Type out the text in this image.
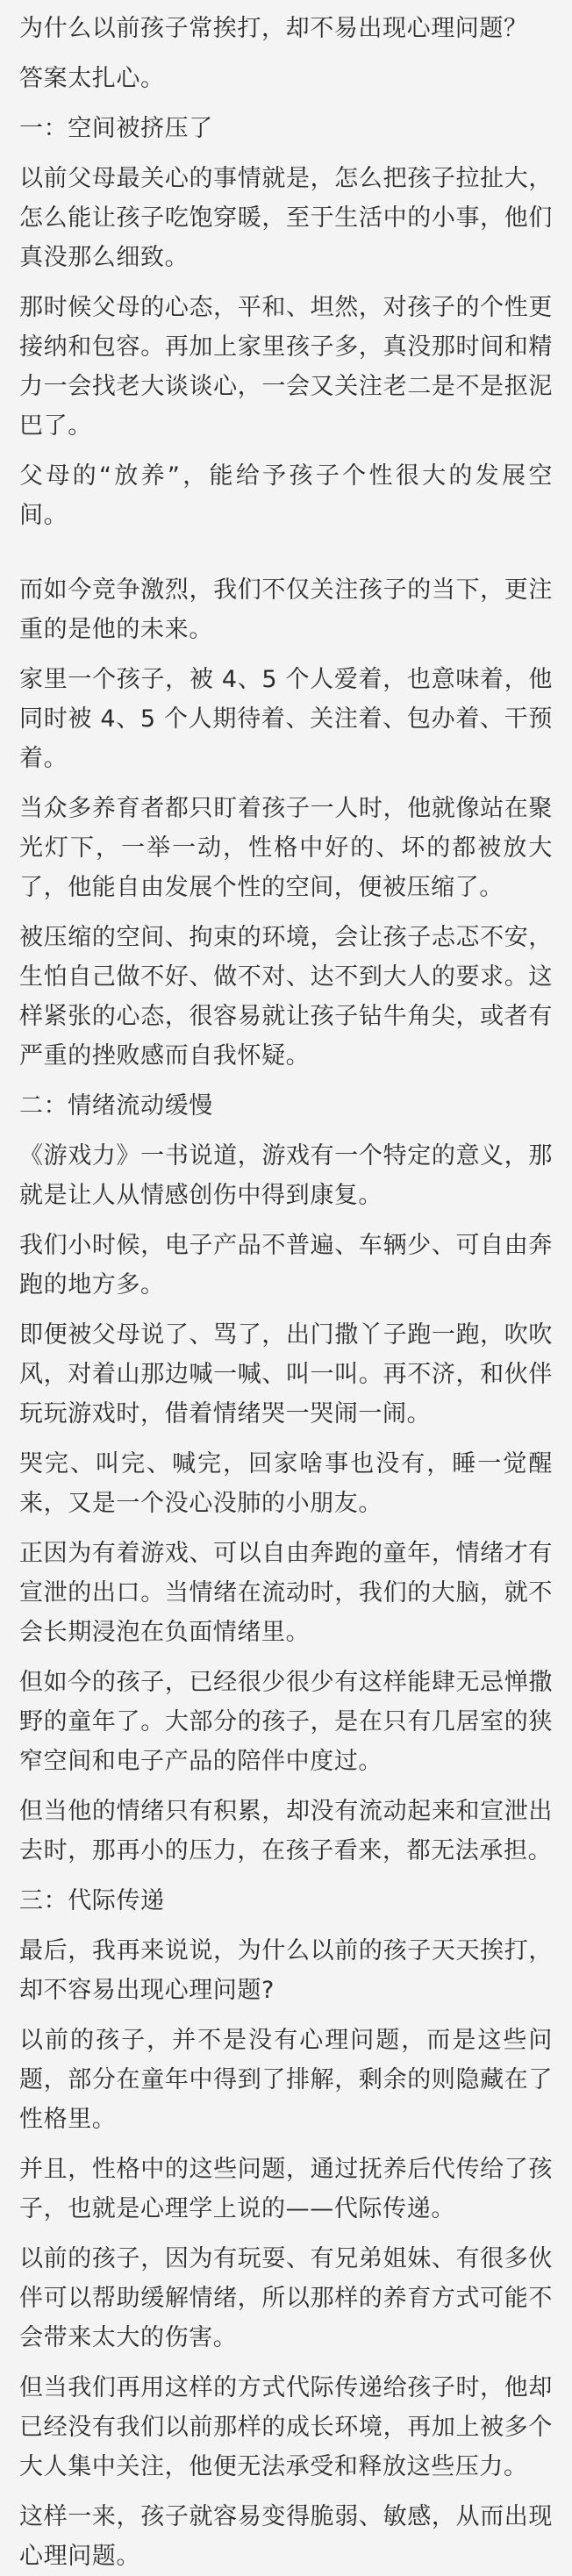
为什么以前孩子常挨打，却不易出现心理问题？

答案太扎心。

一：空间被挤压了

以前父母最关心的事情就是，怎么把孩子拉扯大，怎么能让孩子吃饱穿暖，至于生活中的小事，他们真没那么细致。

那时候父母的心态，平和、坦然，对孩子的个性更接纳和包容。再加上家里孩子多，真没那时间和精力一会找老大谈谈心，一会又关注老二是不是抠泥巴了。

父母的“放养”，能给予孩子个性很大的发展空间。

而如今竞争激烈，我们不仅关注孩子的当下，更注重的是他的未来。

家里一个孩子，被 4、5 个人爱着，也意味着，他同时被 4、5 个人期待着、关注着、包办着、干预着。

当众多养育者都只盯着孩子一人时，他就像站在聚光灯下，一举一动，性格中好的、坏的都被放大了，他能自由发展个性的空间，便被压缩了。

被压缩的空间、拘束的环境，会让孩子忐忑不安，生怕自己做不好、做不对、达不到大人的要求。这样紧张的心态，很容易就让孩子钻牛角尖，或者有严重的挫败感而自我怀疑。

二：情绪流动缓慢

《游戏力》一书说道，游戏有一个特定的意义，那就是让人从情感创伤中得到康复。

我们小时候，电子产品不普遍、车辆少、可自由奔跑的地方多。

即便被父母说了、骂了，出门撒丫子跑一跑，吹吹风，对着山那边喊一喊、叫一叫。再不济，和伙伴玩玩游戏时，借着情绪哭一哭闹一闹。

哭完、叫完、喊完，回家啥事也没有，睡一觉醒来，又是一个没心没肺的小朋友。

正因为有着游戏、可以自由奔跑的童年，情绪才有宣泄的出口。当情绪在流动时，我们的大脑，就不会长期浸泡在负面情绪里。

但如今的孩子，已经很少很少有这样能肆无忌惮撒野的童年了。大部分的孩子，是在只有几居室的狭窄空间和电子产品的陪伴中度过。

但当他的情绪只有积累，却没有流动起来和宣泄出去时，那再小的压力，在孩子看来，都无法承担。

三：代际传递

最后，我再来说说，为什么以前的孩子天天挨打，却不容易出现心理问题?

以前的孩子，并不是没有心理问题，而是这些问题，部分在童年中得到了排解，剩余的则隐藏在了性格里。

并且，性格中的这些问题，通过抚养后代传给了孩子，也就是心理学上说的——代际传递。

以前的孩子，因为有玩耍、有兄弟姐妹、有很多伙伴可以帮助缓解情绪，所以那样的养育方式可能不会带来太大的伤害。

但当我们再用这样的方式代际传递给孩子时，他却已经没有我们以前那样的成长环境，再加上被多个大人集中关注，他便无法承受和释放这些压力。

这样一来，孩子就容易变得脆弱、敏感，从而出现心理问题。
